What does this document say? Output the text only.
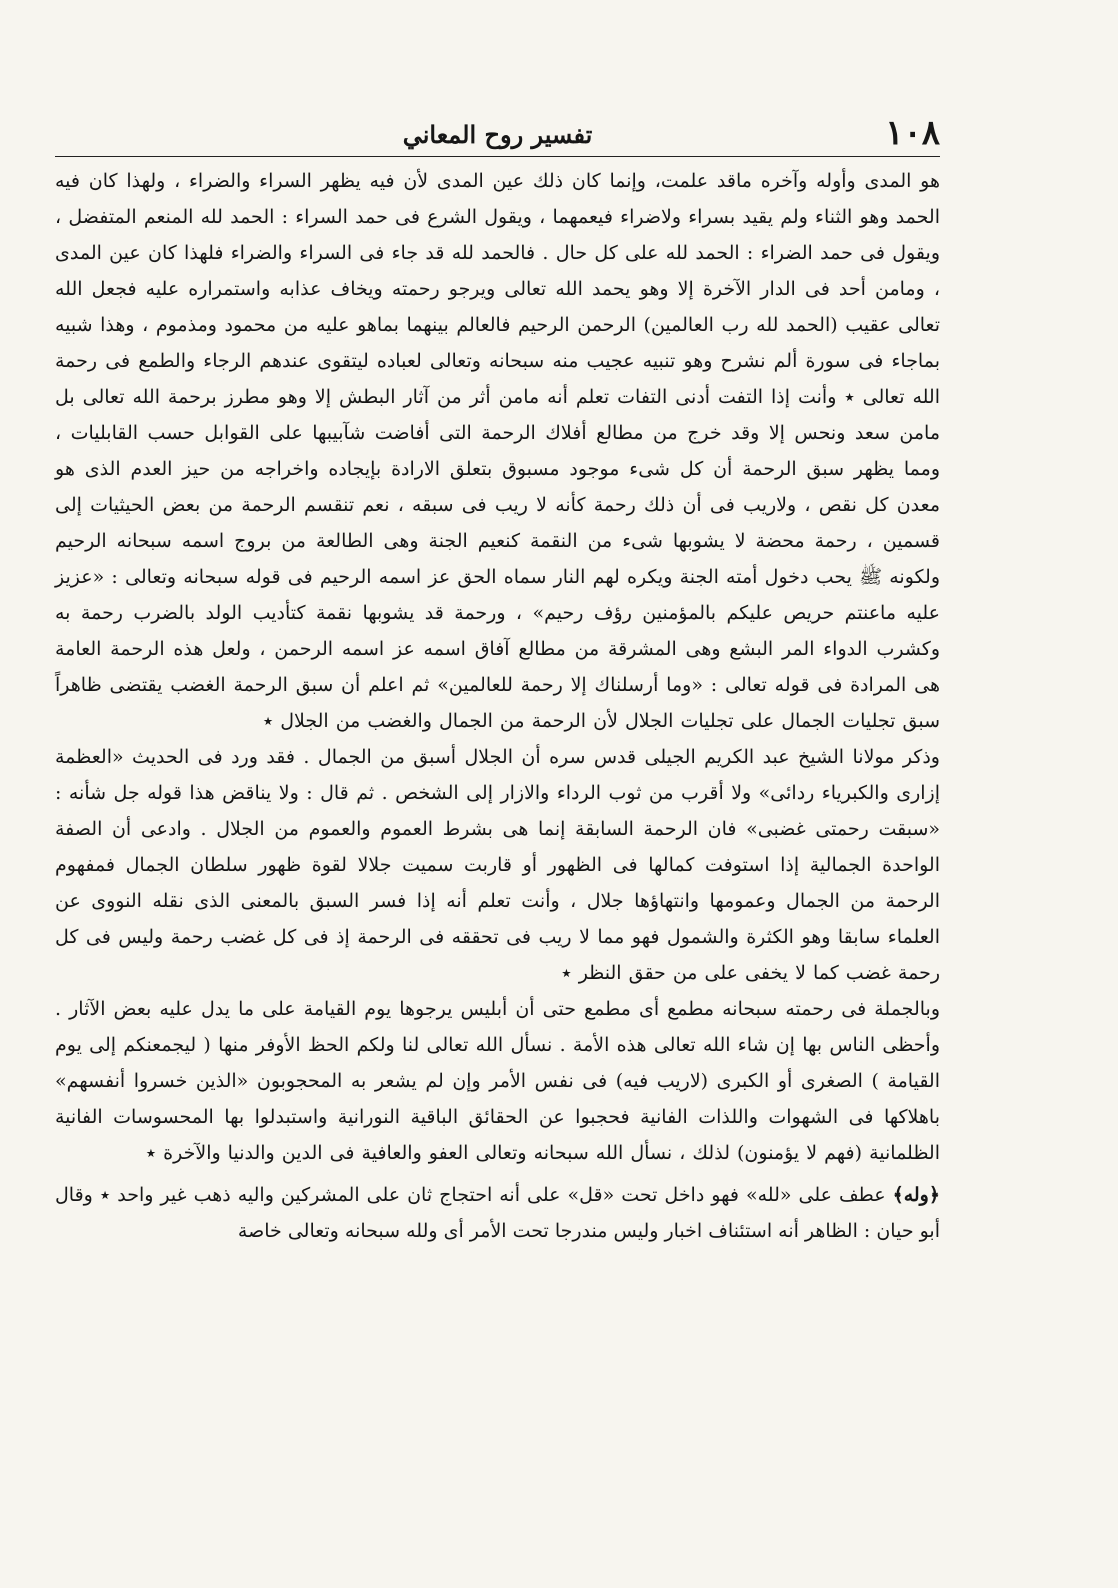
١٠٨
تفسير روح المعاني

هو المدى وأوله وآخره ماقد علمت، وإنما كان ذلك عين المدى لأن فيه يظهر السراء والضراء ، ولهذا كان فيه الحمد وهو الثناء ولم يقيد بسراء ولاضراء فيعمهما ، ويقول الشرع فى حمد السراء : الحمد لله المنعم المتفضل ، ويقول فى حمد الضراء : الحمد لله على كل حال . فالحمد لله قد جاء فى السراء والضراء فلهذا كان عين المدى ، ومامن أحد فى الدار الآخرة إلا وهو يحمد الله تعالى ويرجو رحمته ويخاف عذابه واستمراره عليه فجعل الله تعالى عقيب (الحمد لله رب العالمين) الرحمن الرحيم فالعالم بينهما بماهو عليه من محمود ومذموم ، وهذا شبيه بماجاء فى سورة ألم نشرح وهو تنبيه عجيب منه سبحانه وتعالى لعباده ليتقوى عندهم الرجاء والطمع فى رحمة الله تعالى ٭ وأنت إذا التفت أدنى التفات تعلم أنه مامن أثر من آثار البطش إلا وهو مطرز برحمة الله تعالى بل مامن سعد ونحس إلا وقد خرج من مطالع أفلاك الرحمة التى أفاضت شآبيبها على القوابل حسب القابليات ، ومما يظهر سبق الرحمة أن كل شىء موجود مسبوق بتعلق الارادة بإيجاده واخراجه من حيز العدم الذى هو معدن كل نقص ، ولاريب فى أن ذلك رحمة كأنه لا ريب فى سبقه ، نعم تنقسم الرحمة من بعض الحيثيات إلى قسمين ، رحمة محضة لا يشوبها شىء من النقمة كنعيم الجنة وهى الطالعة من بروج اسمه سبحانه الرحيم ولكونه ﷺ يحب دخول أمته الجنة ويكره لهم النار سماه الحق عز اسمه الرحيم فى قوله سبحانه وتعالى : «عزيز عليه ماعنتم حريص عليكم بالمؤمنين رؤف رحيم» ، ورحمة قد يشوبها نقمة كتأديب الولد بالضرب رحمة به وكشرب الدواء المر البشع وهى المشرقة من مطالع آفاق اسمه عز اسمه الرحمن ، ولعل هذه الرحمة العامة هى المرادة فى قوله تعالى : «وما أرسلناك إلا رحمة للعالمين» ثم اعلم أن سبق الرحمة الغضب يقتضى ظاهراً سبق تجليات الجمال على تجليات الجلال لأن الرحمة من الجمال والغضب من الجلال ٭

وذكر مولانا الشيخ عبد الكريم الجيلى قدس سره أن الجلال أسبق من الجمال . فقد ورد فى الحديث «العظمة إزارى والكبرياء ردائى» ولا أقرب من ثوب الرداء والازار إلى الشخص . ثم قال : ولا يناقض هذا قوله جل شأنه : «سبقت رحمتى غضبى» فان الرحمة السابقة إنما هى بشرط العموم والعموم من الجلال . وادعى أن الصفة الواحدة الجمالية إذا استوفت كمالها فى الظهور أو قاربت سميت جلالا لقوة ظهور سلطان الجمال فمفهوم الرحمة من الجمال وعمومها وانتهاؤها جلال ، وأنت تعلم أنه إذا فسر السبق بالمعنى الذى نقله النووى عن العلماء سابقا وهو الكثرة والشمول فهو مما لا ريب فى تحققه فى الرحمة إذ فى كل غضب رحمة وليس فى كل رحمة غضب كما لا يخفى على من حقق النظر ٭

وبالجملة فى رحمته سبحانه مطمع أى مطمع حتى أن أبليس يرجوها يوم القيامة على ما يدل عليه بعض الآثار . وأحظى الناس بها إن شاء الله تعالى هذه الأمة . نسأل الله تعالى لنا ولكم الحظ الأوفر منها ( ليجمعنكم إلى يوم القيامة ) الصغرى أو الكبرى (لاريب فيه) فى نفس الأمر وإن لم يشعر به المحجوبون «الذين خسروا أنفسهم» باهلاكها فى الشهوات واللذات الفانية فحجبوا عن الحقائق الباقية النورانية واستبدلوا بها المحسوسات الفانية الظلمانية (فهم لا يؤمنون) لذلك ، نسأل الله سبحانه وتعالى العفو والعافية فى الدين والدنيا والآخرة ٭

﴿وله﴾ عطف على «لله» فهو داخل تحت «قل» على أنه احتجاج ثان على المشركين واليه ذهب غير واحد ٭ وقال أبو حيان : الظاهر أنه استئناف اخبار وليس مندرجا تحت الأمر أى ولله سبحانه وتعالى خاصة
